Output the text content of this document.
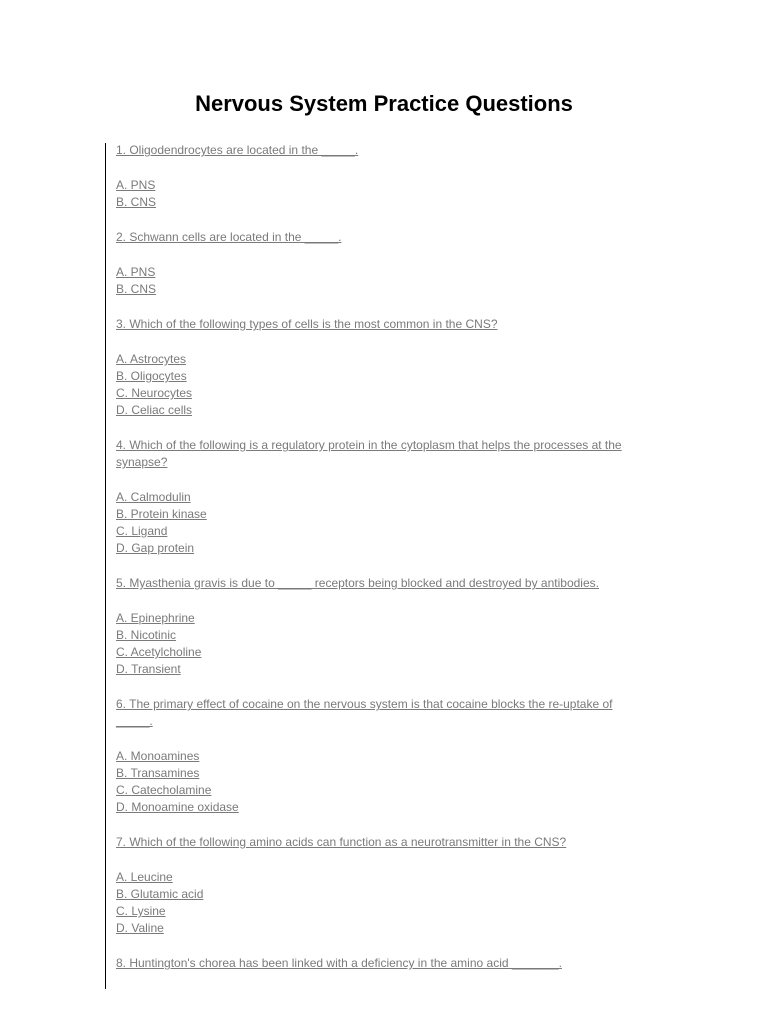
Nervous System Practice Questions
1. Oligodendrocytes are located in the _____.
A. PNS
B. CNS
2. Schwann cells are located in the _____.
A. PNS
B. CNS
3. Which of the following types of cells is the most common in the CNS?
A. Astrocytes
B. Oligocytes
C. Neurocytes
D. Celiac cells
4. Which of the following is a regulatory protein in the cytoplasm that helps the processes at the
synapse?
A. Calmodulin
B. Protein kinase
C. Ligand
D. Gap protein
5. Myasthenia gravis is due to _____ receptors being blocked and destroyed by antibodies.
A. Epinephrine
B. Nicotinic
C. Acetylcholine
D. Transient
6. The primary effect of cocaine on the nervous system is that cocaine blocks the re-uptake of
_____.
A. Monoamines
B. Transamines
C. Catecholamine
D. Monoamine oxidase
7. Which of the following amino acids can function as a neurotransmitter in the CNS?
A. Leucine
B. Glutamic acid
C. Lysine
D. Valine
8. Huntington's chorea has been linked with a deficiency in the amino acid _______.
